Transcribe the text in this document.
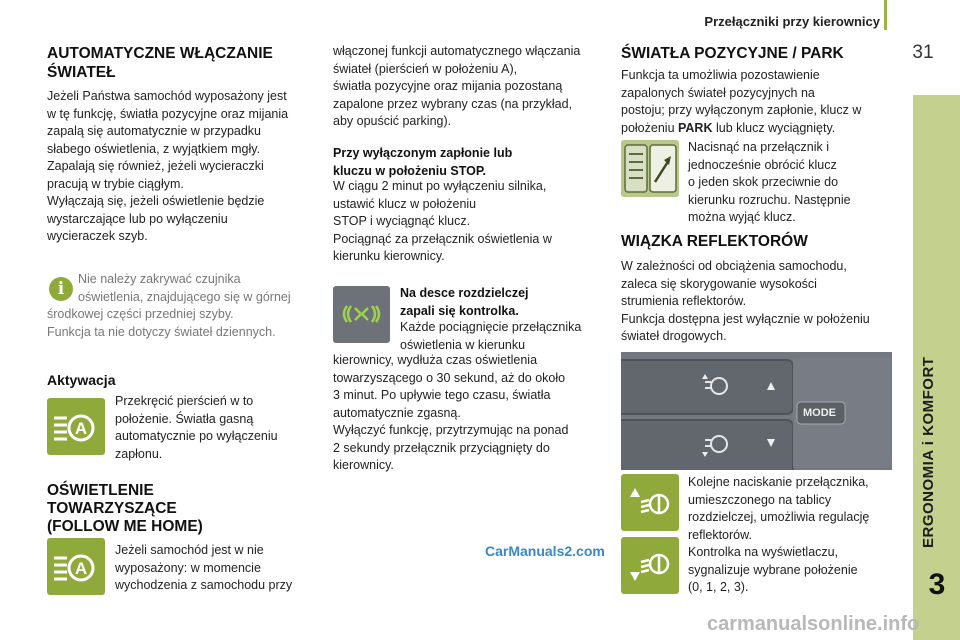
Przełączniki przy kierownicy
31
ERGONOMIA i KOMFORT
3
AUTOMATYCZNE WŁĄCZANIE
ŚWIATEŁ
Jeżeli Państwa samochód wyposażony jest
w tę funkcję, światła pozycyjne oraz mijania
zapalą się automatycznie w przypadku
słabego oświetlenia, z wyjątkiem mgły.
Zapalają się również, jeżeli wycieraczki
pracują w trybie ciągłym.
Wyłączają się, jeżeli oświetlenie będzie
wystarczające lub po wyłączeniu
wycieraczek szyb.
i	Nie należy zakrywać czujnika
oświetlenia, znajdującego się w górnej
środkowej części przedniej szyby.
Funkcja ta nie dotyczy świateł dziennych.
Aktywacja
A
Przekręcić pierścień w to
położenie. Światła gasną
automatycznie po wyłączeniu
zapłonu.
OŚWIETLENIE
TOWARZYSZĄCE
(FOLLOW ME HOME)
A
Jeżeli samochód jest w nie
wyposażony: w momencie
wychodzenia z samochodu przy
włączonej funkcji automatycznego włączania
świateł (pierścień w położeniu A),
światła pozycyjne oraz mijania pozostaną
zapalone przez wybrany czas (na przykład,
aby opuścić parking).
Przy wyłączonym zapłonie lub
kluczu w położeniu STOP.
W ciągu 2 minut po wyłączeniu silnika,
ustawić klucz w położeniu
STOP i wyciągnąć klucz.
Pociągnąć za przełącznik oświetlenia w
kierunku kierownicy.
Na desce rozdzielczej
zapali się kontrolka.
Każde pociągnięcie przełącznika
oświetlenia w kierunku
kierownicy, wydłuża czas oświetlenia
towarzyszącego o 30 sekund, aż do około
3 minut. Po upływie tego czasu, światła
automatycznie zgasną.
Wyłączyć funkcję, przytrzymując na ponad
2 sekundy przełącznik przyciągnięty do
kierownicy.
ŚWIATŁA POZYCYJNE / PARK
Funkcja ta umożliwia pozostawienie
zapalonych świateł pozycyjnych na
postoju; przy wyłączonym zapłonie, klucz w
położeniu PARK lub klucz wyciągnięty.
Nacisnąć na przełącznik i
jednocześnie obrócić klucz
o jeden skok przeciwnie do
kierunku rozruchu. Następnie
można wyjąć klucz.
WIĄZKA REFLEKTORÓW
W zależności od obciążenia samochodu,
zaleca się skorygowanie wysokości
strumienia reflektorów.
Funkcja dostępna jest wyłącznie w położeniu
świateł drogowych.
MODE
Kolejne naciskanie przełącznika,
umieszczonego na tablicy
rozdzielczej, umożliwia regulację
reflektorów.
Kontrolka na wyświetlaczu,
sygnalizuje wybrane położenie
(0, 1, 2, 3).
CarManuals2.com
carmanualsonline.info
